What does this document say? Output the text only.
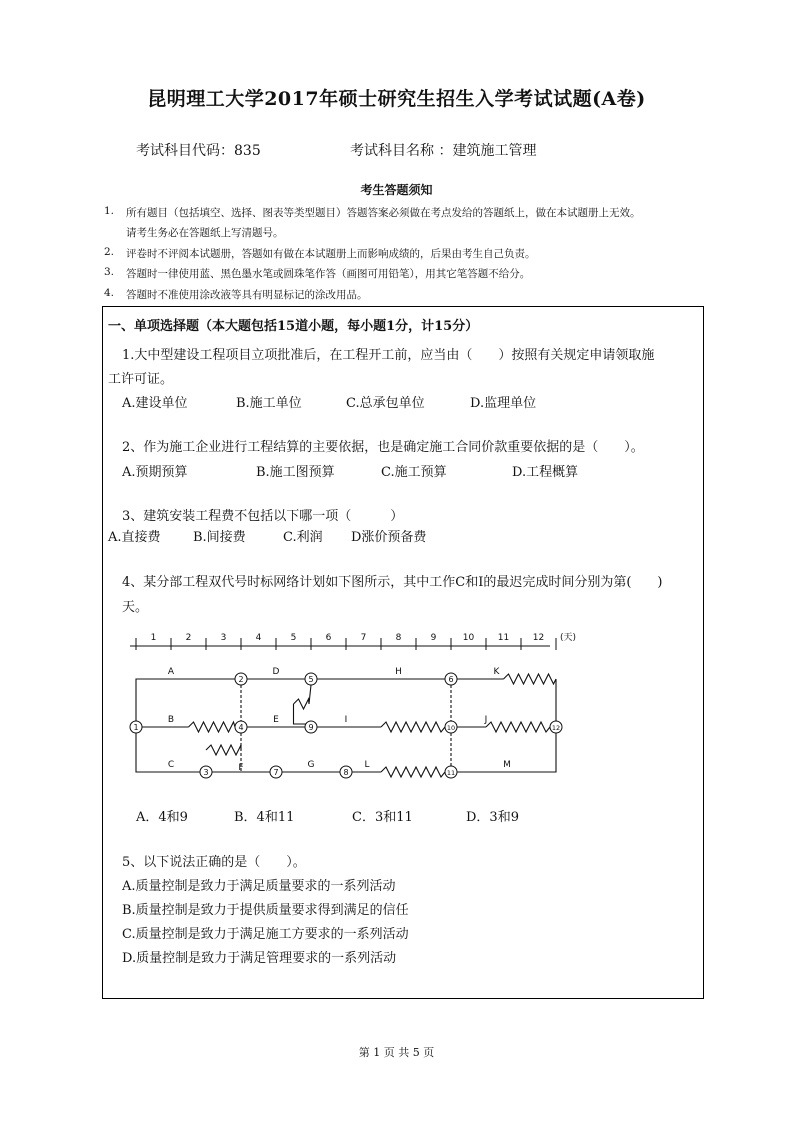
昆明理工大学2017年硕士研究生招生入学考试试题(A卷)
考试科目代码：835	考试科目名称 ：建筑施工管理
考生答题须知
1. 所有题目（包括填空、选择、图表等类型题目）答题答案必须做在考点发给的答题纸上，做在本试题册上无效。
请考生务必在答题纸上写清题号。
2. 评卷时不评阅本试题册，答题如有做在本试题册上而影响成绩的，后果由考生自己负责。
3. 答题时一律使用蓝、黑色墨水笔或圆珠笔作答（画图可用铅笔），用其它笔答题不给分。
4. 答题时不准使用涂改液等具有明显标记的涂改用品。
一、单项选择题（本大题包括15道小题，每小题1分，计15分）
1.大中型建设工程项目立项批准后，在工程开工前，应当由（　　）按照有关规定申请领取施
工许可证。
A.建设单位	B.施工单位	C.总承包单位	D.监理单位
2、作为施工企业进行工程结算的主要依据，也是确定施工合同价款重要依据的是（　　）。
A.预期预算	B.施工图预算	C.施工预算	D.工程概算
3、建筑安装工程费不包括以下哪一项（　　　）
A.直接费 B.间接费	C.利润 D涨价预备费
4、某分部工程双代号时标网络计划如下图所示，其中工作C和I的最迟完成时间分别为第(　　)
天。
1	2	3	4	5	6	7	8	9	10	11	12 (天)
A
B
C
D
E
F	G
H
I	J
K
L	M
1
2
3
4
5	6
7	8
9	10
11
12
A．4和9	B．4和11	C．3和11	D．3和9
5、以下说法正确的是（　　）。
A.质量控制是致力于满足质量要求的一系列活动
B.质量控制是致力于提供质量要求得到满足的信任
C.质量控制是致力于满足施工方要求的一系列活动
D.质量控制是致力于满足管理要求的一系列活动
第 1 页 共 5 页
